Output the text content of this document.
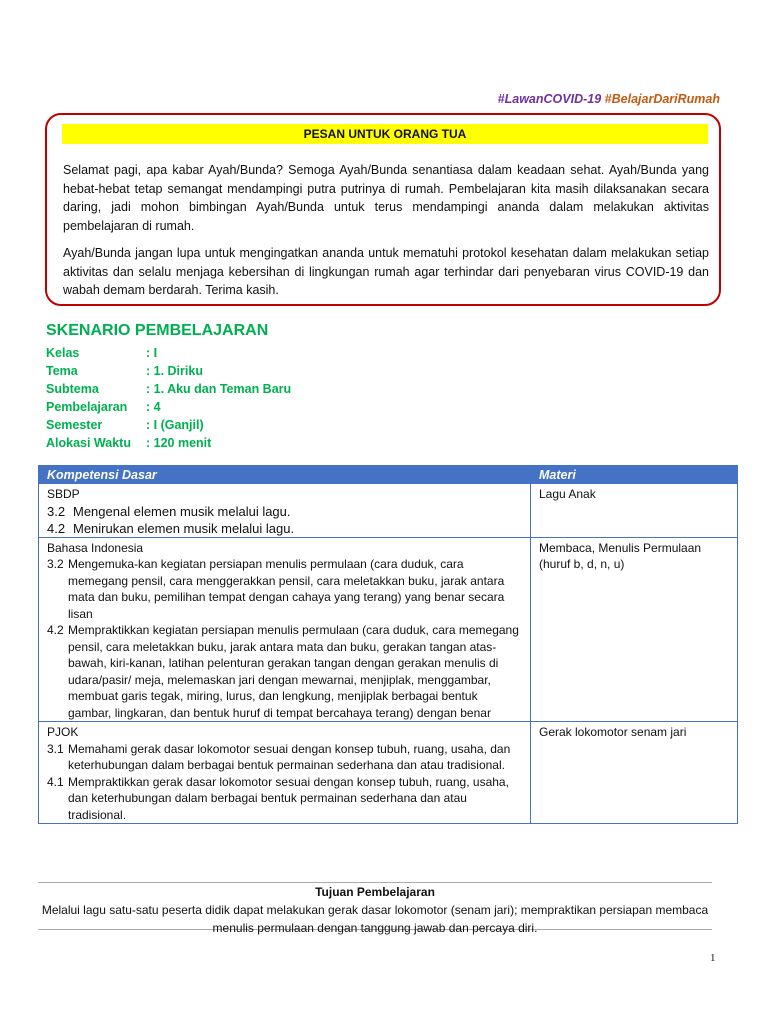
#LawanCOVID-19 #BelajarDariRumah
PESAN UNTUK ORANG TUA

Selamat pagi, apa kabar Ayah/Bunda? Semoga Ayah/Bunda senantiasa dalam keadaan sehat. Ayah/Bunda yang hebat-hebat tetap semangat mendampingi putra putrinya di rumah. Pembelajaran kita masih dilaksanakan secara daring, jadi mohon bimbingan Ayah/Bunda untuk terus mendampingi ananda dalam melakukan aktivitas pembelajaran di rumah.

Ayah/Bunda jangan lupa untuk mengingatkan ananda untuk mematuhi protokol kesehatan dalam melakukan setiap aktivitas dan selalu menjaga kebersihan di lingkungan rumah agar terhindar dari penyebaran virus COVID-19 dan wabah demam berdarah. Terima kasih.

SKENARIO PEMBELAJARAN
Kelas	: I
Tema	: 1. Diriku
Subtema	: 1. Aku dan Teman Baru
Pembelajaran	: 4
Semester	: I (Ganjil)
Alokasi Waktu	: 120 menit
Kompetensi Dasar	Materi

SBDP
3.2 Mengenal elemen musik melalui lagu.
4.2 Menirukan elemen musik melalui lagu.	Lagu Anak

Bahasa Indonesia
3.2 Mengemuka-kan kegiatan persiapan menulis permulaan (cara duduk, cara memegang pensil, cara menggerakkan pensil, cara meletakkan buku, jarak antara mata dan buku, pemilihan tempat dengan cahaya yang terang) yang benar secara lisan
4.2 Mempraktikkan kegiatan persiapan menulis permulaan (cara duduk, cara memegang pensil, cara meletakkan buku, jarak antara mata dan buku, gerakan tangan atas-bawah, kiri-kanan, latihan pelenturan gerakan tangan dengan gerakan menulis di udara/pasir/ meja, melemaskan jari dengan mewarnai, menjiplak, menggambar, membuat garis tegak, miring, lurus, dan lengkung, menjiplak berbagai bentuk gambar, lingkaran, dan bentuk huruf di tempat bercahaya terang) dengan benar	Membaca, Menulis Permulaan (huruf b, d, n, u)

PJOK
3.1 Memahami gerak dasar lokomotor sesuai dengan konsep tubuh, ruang, usaha, dan keterhubungan dalam berbagai bentuk permainan sederhana dan atau tradisional.
4.1 Mempraktikkan gerak dasar lokomotor sesuai dengan konsep tubuh, ruang, usaha, dan keterhubungan dalam berbagai bentuk permainan sederhana dan atau tradisional.	Gerak lokomotor senam jari
Tujuan Pembelajaran
Melalui lagu satu-satu peserta didik dapat melakukan gerak dasar lokomotor (senam jari); mempraktikan persiapan membaca menulis permulaan dengan tanggung jawab dan percaya diri.
1
